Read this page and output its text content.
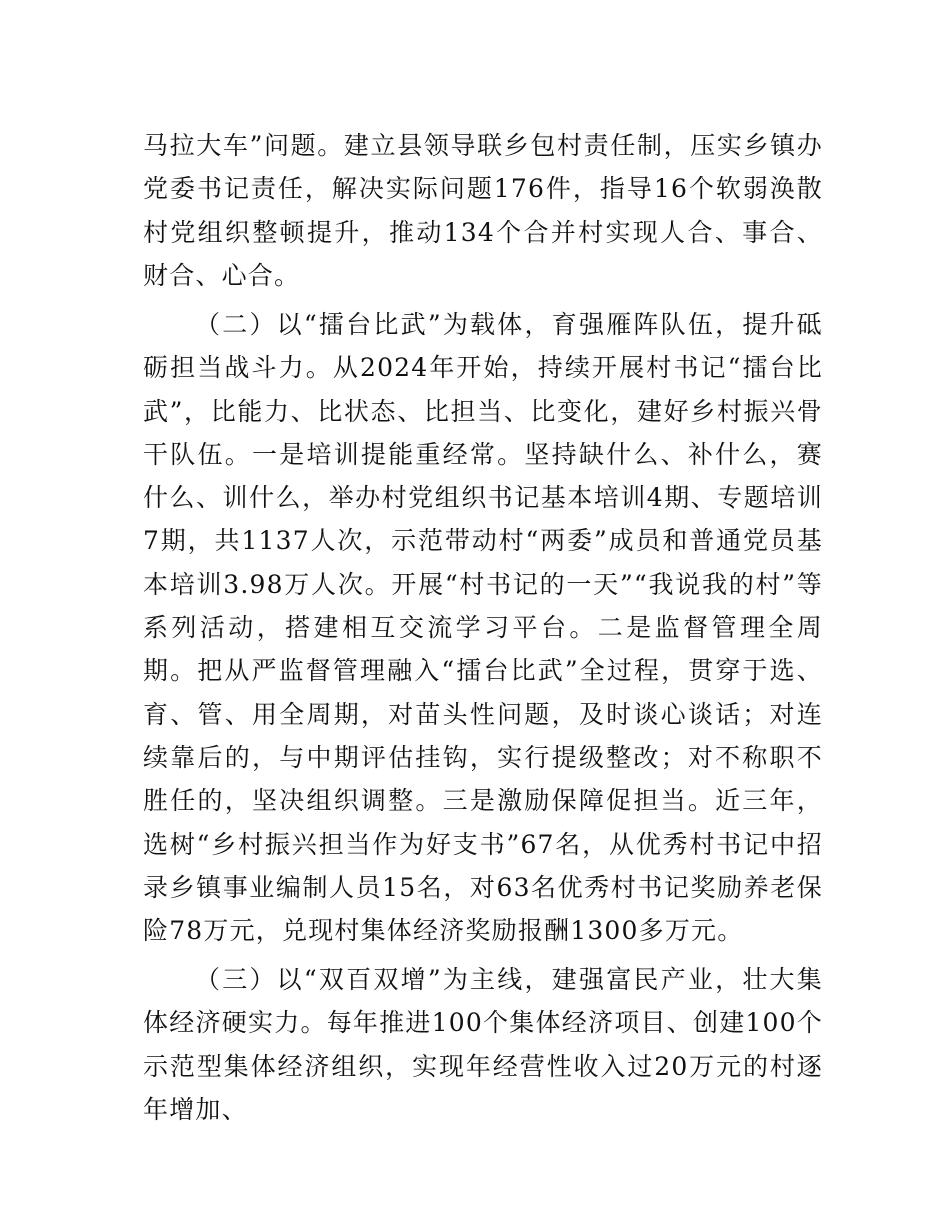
马拉大车”问题。建立县领导联乡包村责任制，压实乡镇办党委书记责任，解决实际问题176件，指导16个软弱涣散村党组织整顿提升，推动134个合并村实现人合、事合、财合、心合。

（二）以“擂台比武”为载体，育强雁阵队伍，提升砥砺担当战斗力。从2024年开始，持续开展村书记“擂台比武”，比能力、比状态、比担当、比变化，建好乡村振兴骨干队伍。一是培训提能重经常。坚持缺什么、补什么，赛什么、训什么，举办村党组织书记基本培训4期、专题培训7期，共1137人次，示范带动村“两委”成员和普通党员基本培训3.98万人次。开展“村书记的一天”“我说我的村”等系列活动，搭建相互交流学习平台。二是监督管理全周期。把从严监督管理融入“擂台比武”全过程，贯穿于选、育、管、用全周期，对苗头性问题，及时谈心谈话；对连续靠后的，与中期评估挂钩，实行提级整改；对不称职不胜任的，坚决组织调整。三是激励保障促担当。近三年，选树“乡村振兴担当作为好支书”67名，从优秀村书记中招录乡镇事业编制人员15名，对63名优秀村书记奖励养老保险78万元，兑现村集体经济奖励报酬1300多万元。

（三）以“双百双增”为主线，建强富民产业，壮大集体经济硬实力。每年推进100个集体经济项目、创建100个示范型集体经济组织，实现年经营性收入过20万元的村逐年增加、
